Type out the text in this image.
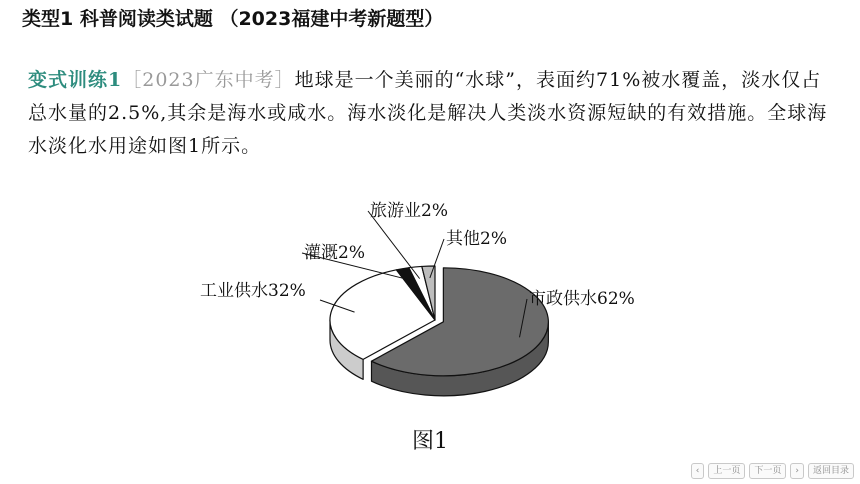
类型1 科普阅读类试题 （2023福建中考新题型）
变式训练1［2023广东中考］地球是一个美丽的“水球”，表面约71%被水覆盖，淡水仅占总水量的2.5%,其余是海水或咸水。海水淡化是解决人类淡水资源短缺的有效措施。全球海水淡化水用途如图1所示。
市政供水62%
工业供水32%
灌溉2%
旅游业2%
其他2%
图1
‹	上一页	下一页	›	返回目录
